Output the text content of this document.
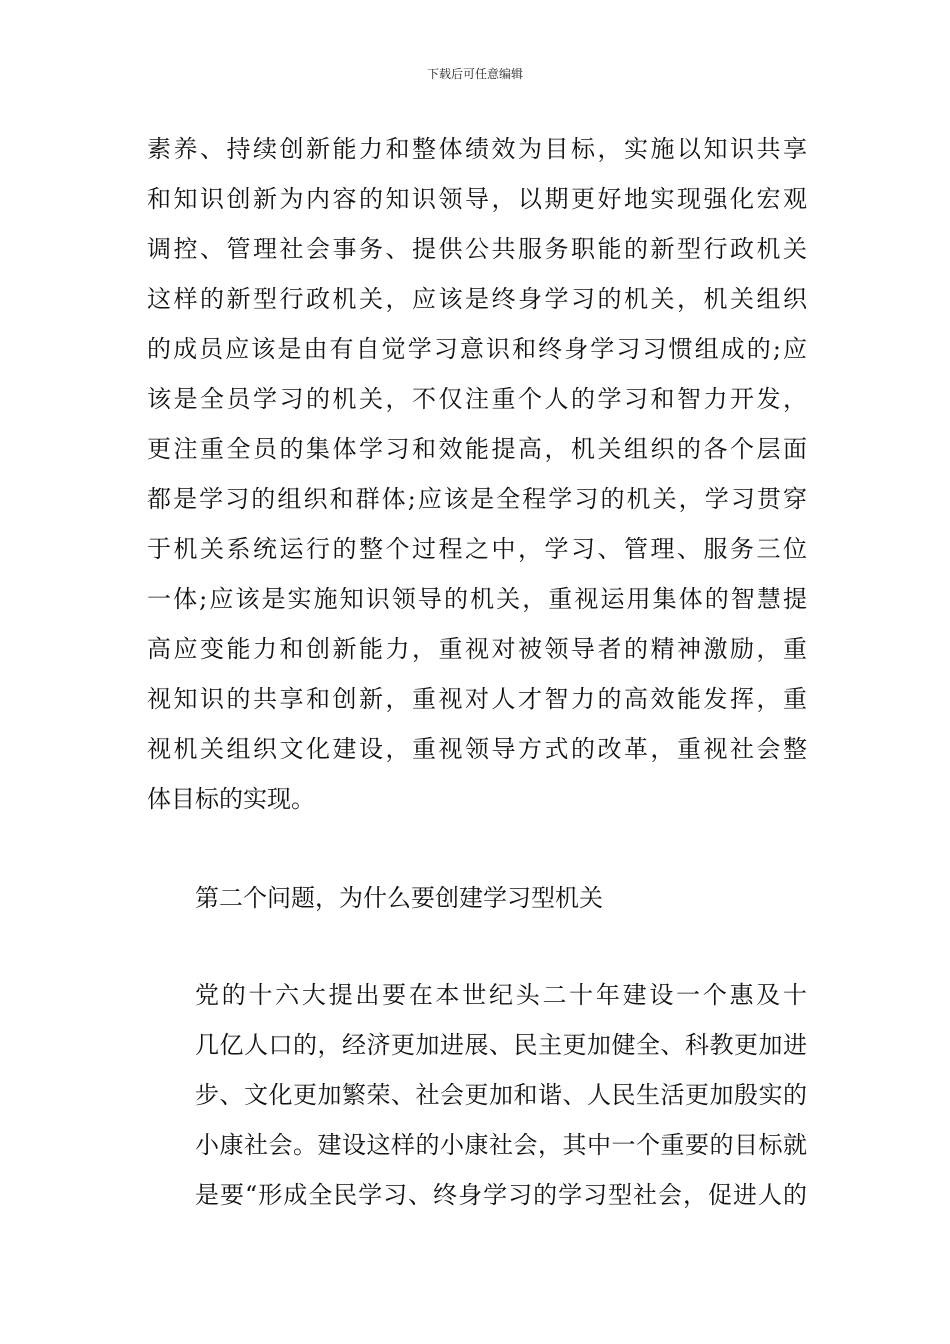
下载后可任意编辑
素养、持续创新能力和整体绩效为目标，实施以知识共享
和知识创新为内容的知识领导，以期更好地实现强化宏观
调控、管理社会事务、提供公共服务职能的新型行政机关
这样的新型行政机关，应该是终身学习的机关，机关组织
的成员应该是由有自觉学习意识和终身学习习惯组成的;应
该是全员学习的机关，不仅注重个人的学习和智力开发，
更注重全员的集体学习和效能提高，机关组织的各个层面
都是学习的组织和群体;应该是全程学习的机关，学习贯穿
于机关系统运行的整个过程之中，学习、管理、服务三位
一体;应该是实施知识领导的机关，重视运用集体的智慧提
高应变能力和创新能力，重视对被领导者的精神激励，重
视知识的共享和创新，重视对人才智力的高效能发挥，重
视机关组织文化建设，重视领导方式的改革，重视社会整
体目标的实现。
第二个问题，为什么要创建学习型机关
党的十六大提出要在本世纪头二十年建设一个惠及十
几亿人口的，经济更加进展、民主更加健全、科教更加进
步、文化更加繁荣、社会更加和谐、人民生活更加殷实的
小康社会。建设这样的小康社会，其中一个重要的目标就
是要“形成全民学习、终身学习的学习型社会，促进人的
